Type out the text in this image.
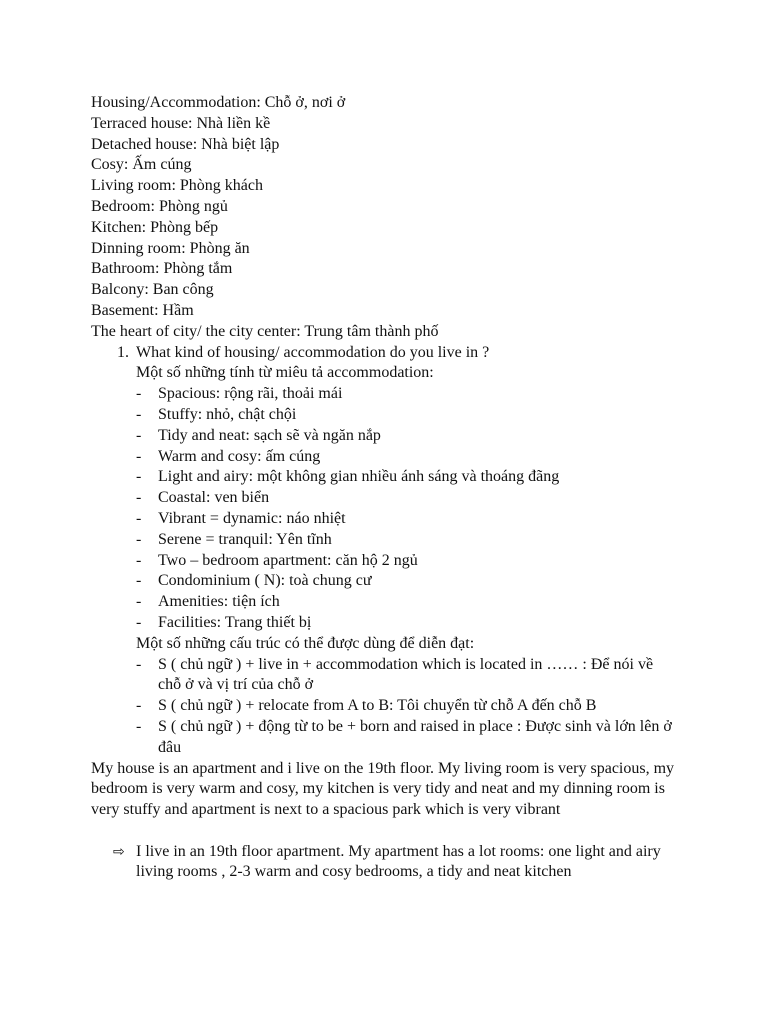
Housing/Accommodation: Chỗ ở, nơi ở
Terraced house: Nhà liền kề
Detached house: Nhà biệt lập
Cosy: Ấm cúng
Living room: Phòng khách
Bedroom: Phòng ngủ
Kitchen: Phòng bếp
Dinning room: Phòng ăn
Bathroom: Phòng tắm
Balcony: Ban công
Basement: Hầm
The heart of city/ the city center: Trung tâm thành phố
1. What kind of housing/ accommodation do you live in ?
Một số những tính từ miêu tả accommodation:
-	Spacious: rộng rãi, thoải mái
-	Stuffy: nhỏ, chật chội
-	Tidy and neat: sạch sẽ và ngăn nắp
-	Warm and cosy: ấm cúng
-	Light and airy: một không gian nhiều ánh sáng và thoáng đãng
-	Coastal: ven biển
-	Vibrant = dynamic: náo nhiệt
-	Serene = tranquil: Yên tĩnh
-	Two – bedroom apartment: căn hộ 2 ngủ
-	Condominium ( N): toà chung cư
-	Amenities: tiện ích
-	Facilities: Trang thiết bị
Một số những cấu trúc có thể được dùng để diễn đạt:
-	S ( chủ ngữ ) + live in + accommodation which is located in …… : Để nói về chỗ ở và vị trí của chỗ ở
-	S ( chủ ngữ ) + relocate from A to B: Tôi chuyển từ chỗ A đến chỗ B
-	S ( chủ ngữ ) + động từ to be + born and raised in place : Được sinh và lớn lên ở đâu
My house is an apartment and i live on the 19th floor. My living room is very spacious, my bedroom is very warm and cosy, my kitchen is very tidy and neat and my dinning room is very stuffy and apartment is next to a spacious park which is very vibrant
⇨ I live in an 19th floor apartment. My apartment has a lot rooms: one light and airy living rooms , 2-3 warm and cosy bedrooms, a tidy and neat kitchen
